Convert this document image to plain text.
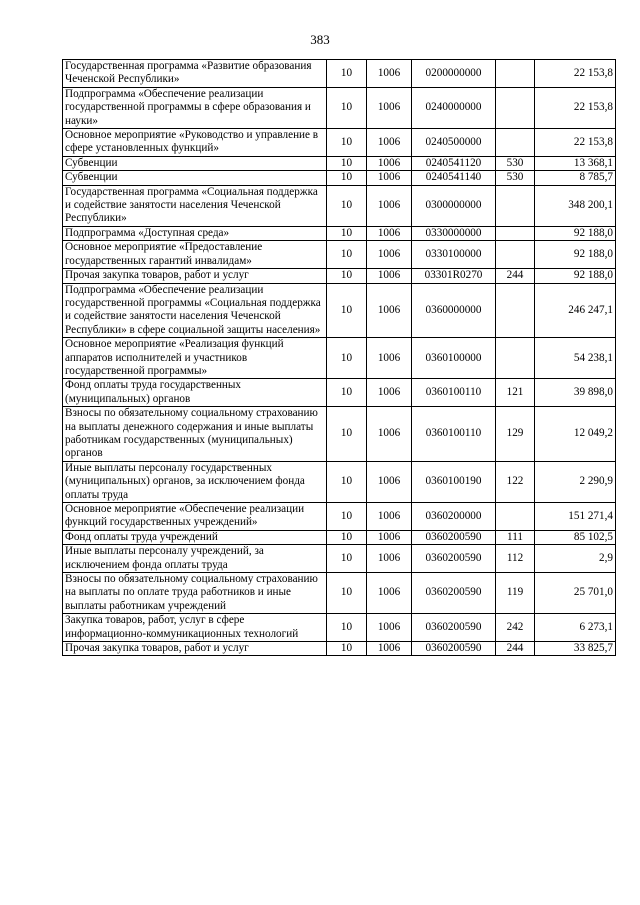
383
Государственная программа «Развитие образования Чеченской Республики»	10	1006	0200000000		22 153,8
Подпрограмма «Обеспечение реализации государственной программы в сфере образования и науки»	10	1006	0240000000		22 153,8
Основное мероприятие «Руководство и управление в сфере установленных функций»	10	1006	0240500000		22 153,8
Субвенции	10	1006	0240541120	530	13 368,1
Субвенции	10	1006	0240541140	530	8 785,7
Государственная программа «Социальная поддержка и содействие занятости населения Чеченской Республики»	10	1006	0300000000		348 200,1
Подпрограмма «Доступная среда»	10	1006	0330000000		92 188,0
Основное мероприятие «Предоставление государственных гарантий инвалидам»	10	1006	0330100000		92 188,0
Прочая закупка товаров, работ и услуг	10	1006	03301R0270	244	92 188,0
Подпрограмма «Обеспечение реализации государственной программы «Социальная поддержка и содействие занятости населения Чеченской Республики» в сфере социальной защиты населения»	10	1006	0360000000		246 247,1
Основное мероприятие «Реализация функций аппаратов исполнителей и участников государственной программы»	10	1006	0360100000		54 238,1
Фонд оплаты труда государственных (муниципальных) органов	10	1006	0360100110	121	39 898,0
Взносы по обязательному социальному страхованию на выплаты денежного содержания и иные выплаты работникам государственных (муниципальных) органов	10	1006	0360100110	129	12 049,2
Иные выплаты персоналу государственных (муниципальных) органов, за исключением фонда оплаты труда	10	1006	0360100190	122	2 290,9
Основное мероприятие «Обеспечение реализации функций государственных учреждений»	10	1006	0360200000		151 271,4
Фонд оплаты труда учреждений	10	1006	0360200590	111	85 102,5
Иные выплаты персоналу учреждений, за исключением фонда оплаты труда	10	1006	0360200590	112	2,9
Взносы по обязательному социальному страхованию на выплаты по оплате труда работников и иные выплаты работникам учреждений	10	1006	0360200590	119	25 701,0
Закупка товаров, работ, услуг в сфере информационно-коммуникационных технологий	10	1006	0360200590	242	6 273,1
Прочая закупка товаров, работ и услуг	10	1006	0360200590	244	33 825,7
